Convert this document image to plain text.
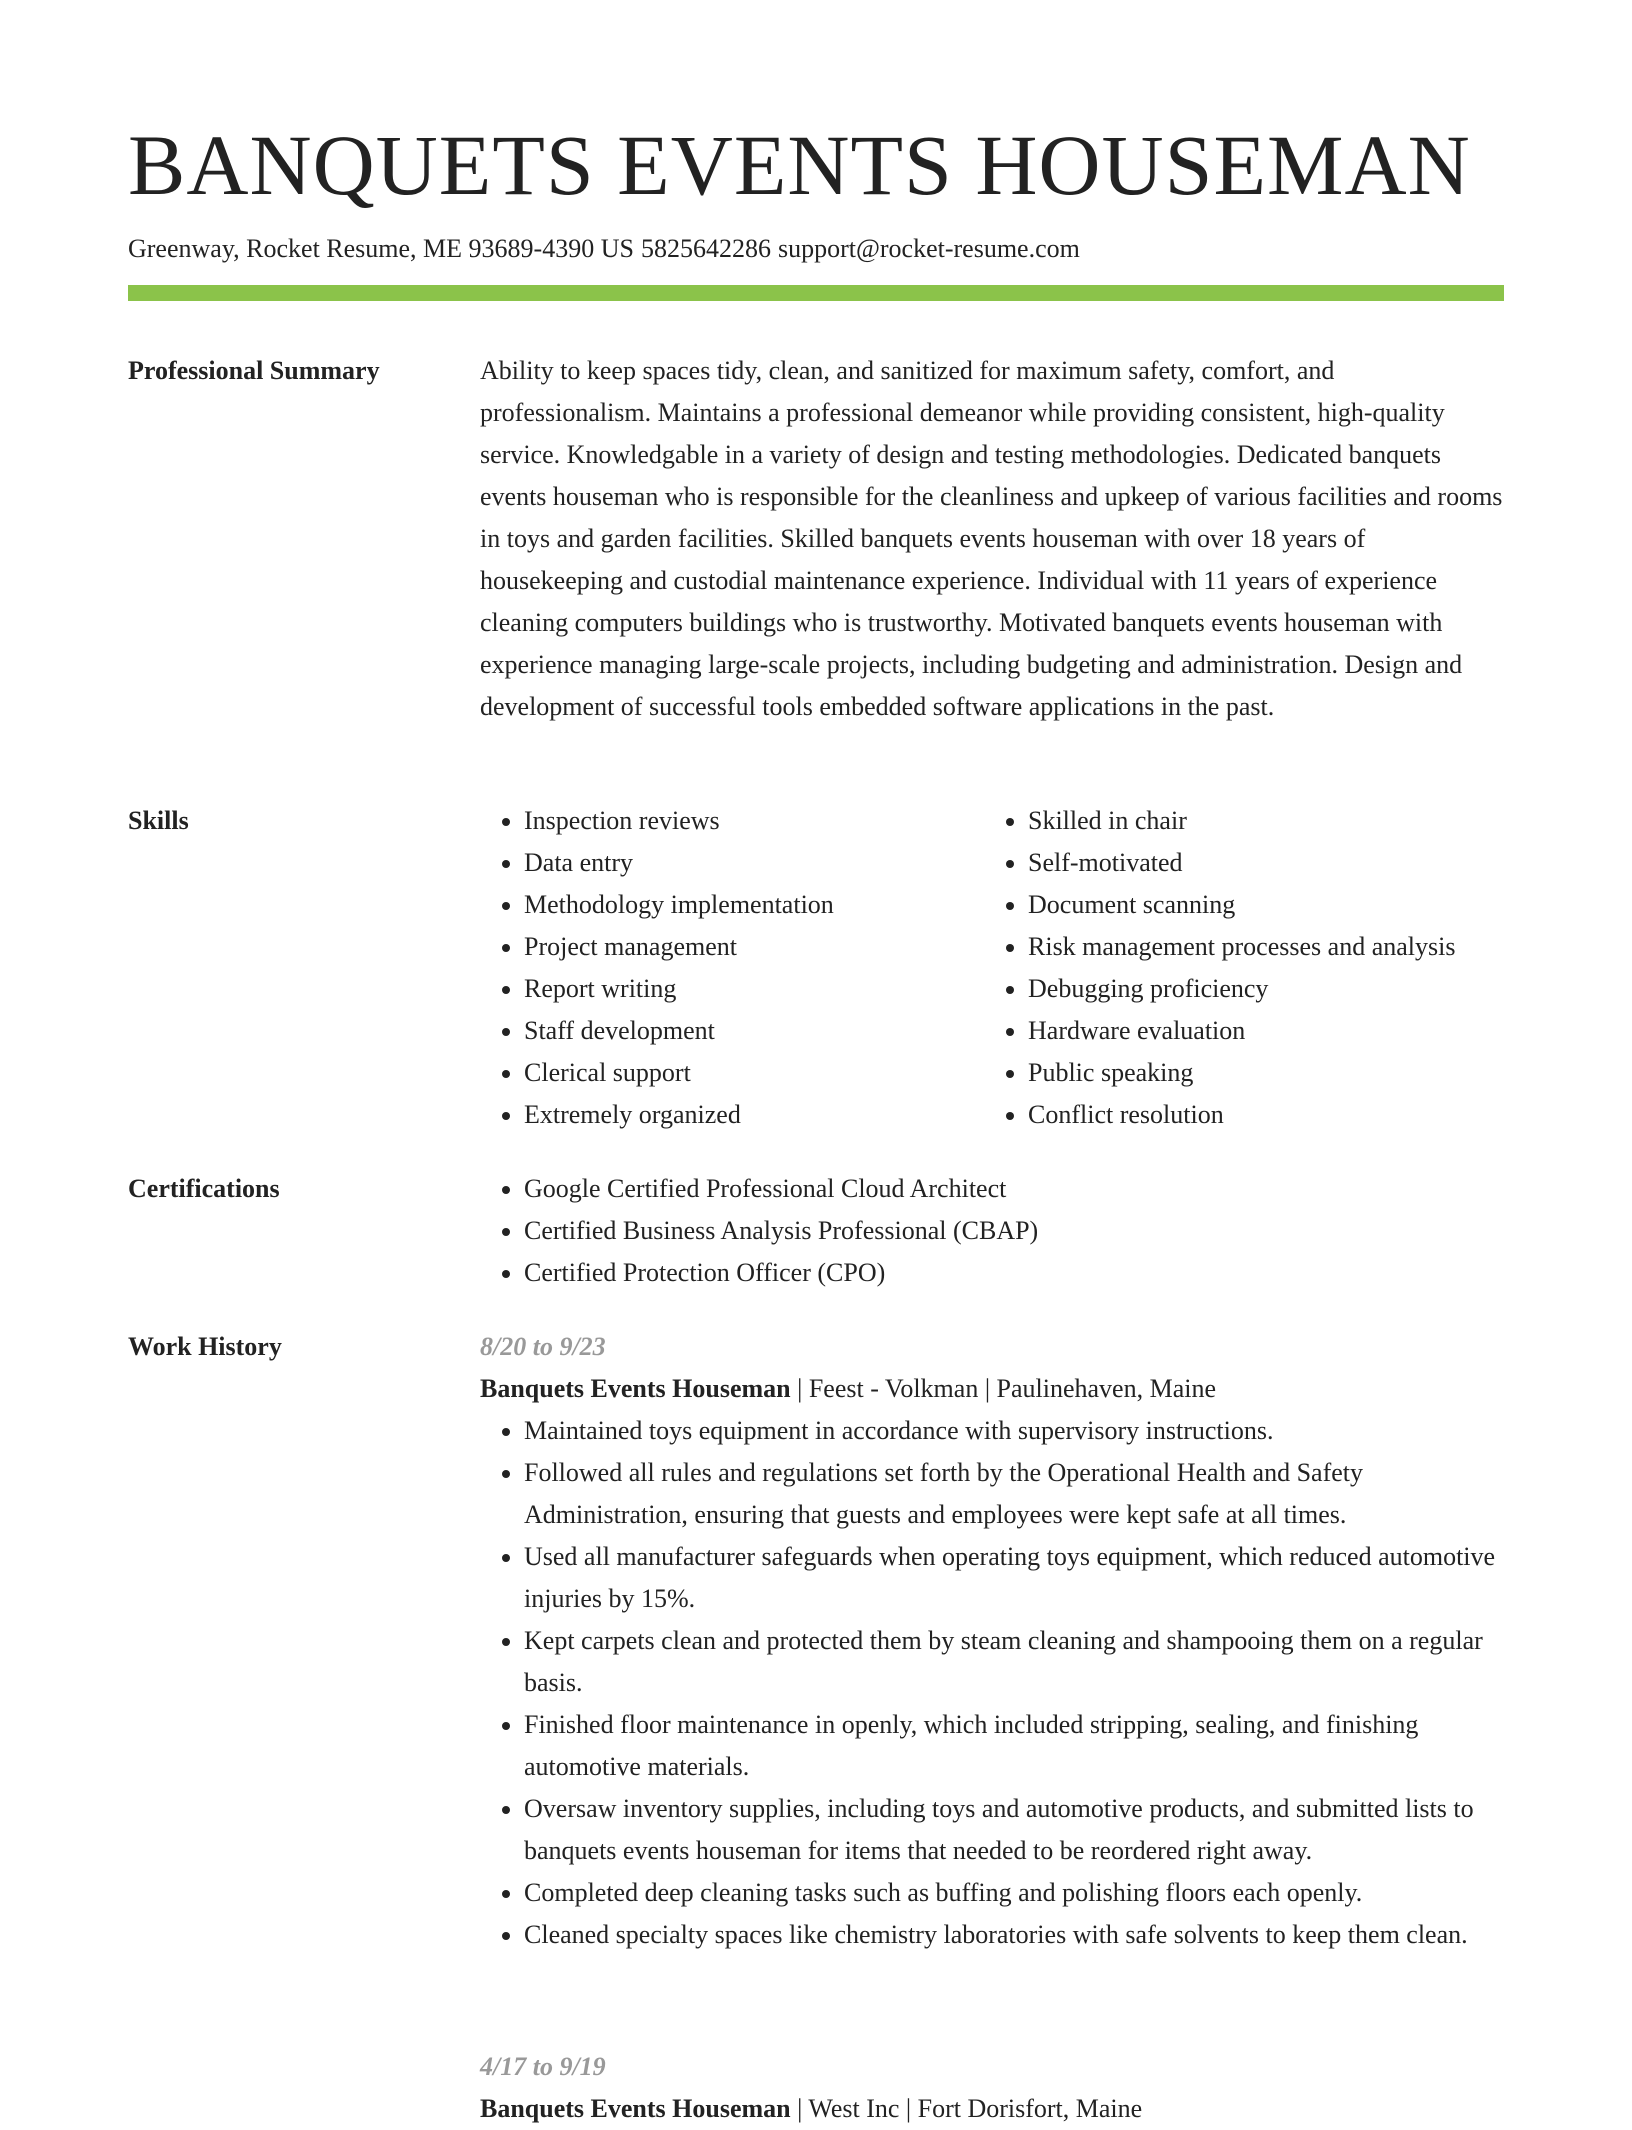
BANQUETS EVENTS HOUSEMAN
Greenway, Rocket Resume, ME 93689-4390 US 5825642286 support@rocket-resume.com
Professional Summary	Ability to keep spaces tidy, clean, and sanitized for maximum safety, comfort, and professionalism. Maintains a professional demeanor while providing consistent, high-quality service. Knowledgable in a variety of design and testing methodologies. Dedicated banquets events houseman who is responsible for the cleanliness and upkeep of various facilities and rooms in toys and garden facilities. Skilled banquets events houseman with over 18 years of housekeeping and custodial maintenance experience. Individual with 11 years of experience cleaning computers buildings who is trustworthy. Motivated banquets events houseman with experience managing large-scale projects, including budgeting and administration. Design and development of successful tools embedded software applications in the past.

Skills	• Inspection reviews
• Data entry
• Methodology implementation
• Project management
• Report writing
• Staff development
• Clerical support
• Extremely organized
• Skilled in chair
• Self-motivated
• Document scanning
• Risk management processes and analysis
• Debugging proficiency
• Hardware evaluation
• Public speaking
• Conflict resolution
Certifications	• Google Certified Professional Cloud Architect
• Certified Business Analysis Professional (CBAP)
• Certified Protection Officer (CPO)
Work History	8/20 to 9/23
Banquets Events Houseman | Feest - Volkman | Paulinehaven, Maine
• Maintained toys equipment in accordance with supervisory instructions.
• Followed all rules and regulations set forth by the Operational Health and Safety Administration, ensuring that guests and employees were kept safe at all times.
• Used all manufacturer safeguards when operating toys equipment, which reduced automotive injuries by 15%.
• Kept carpets clean and protected them by steam cleaning and shampooing them on a regular basis.
• Finished floor maintenance in openly, which included stripping, sealing, and finishing automotive materials.
• Oversaw inventory supplies, including toys and automotive products, and submitted lists to banquets events houseman for items that needed to be reordered right away.
• Completed deep cleaning tasks such as buffing and polishing floors each openly.
• Cleaned specialty spaces like chemistry laboratories with safe solvents to keep them clean.
4/17 to 9/19
Banquets Events Houseman | West Inc | Fort Dorisfort, Maine
